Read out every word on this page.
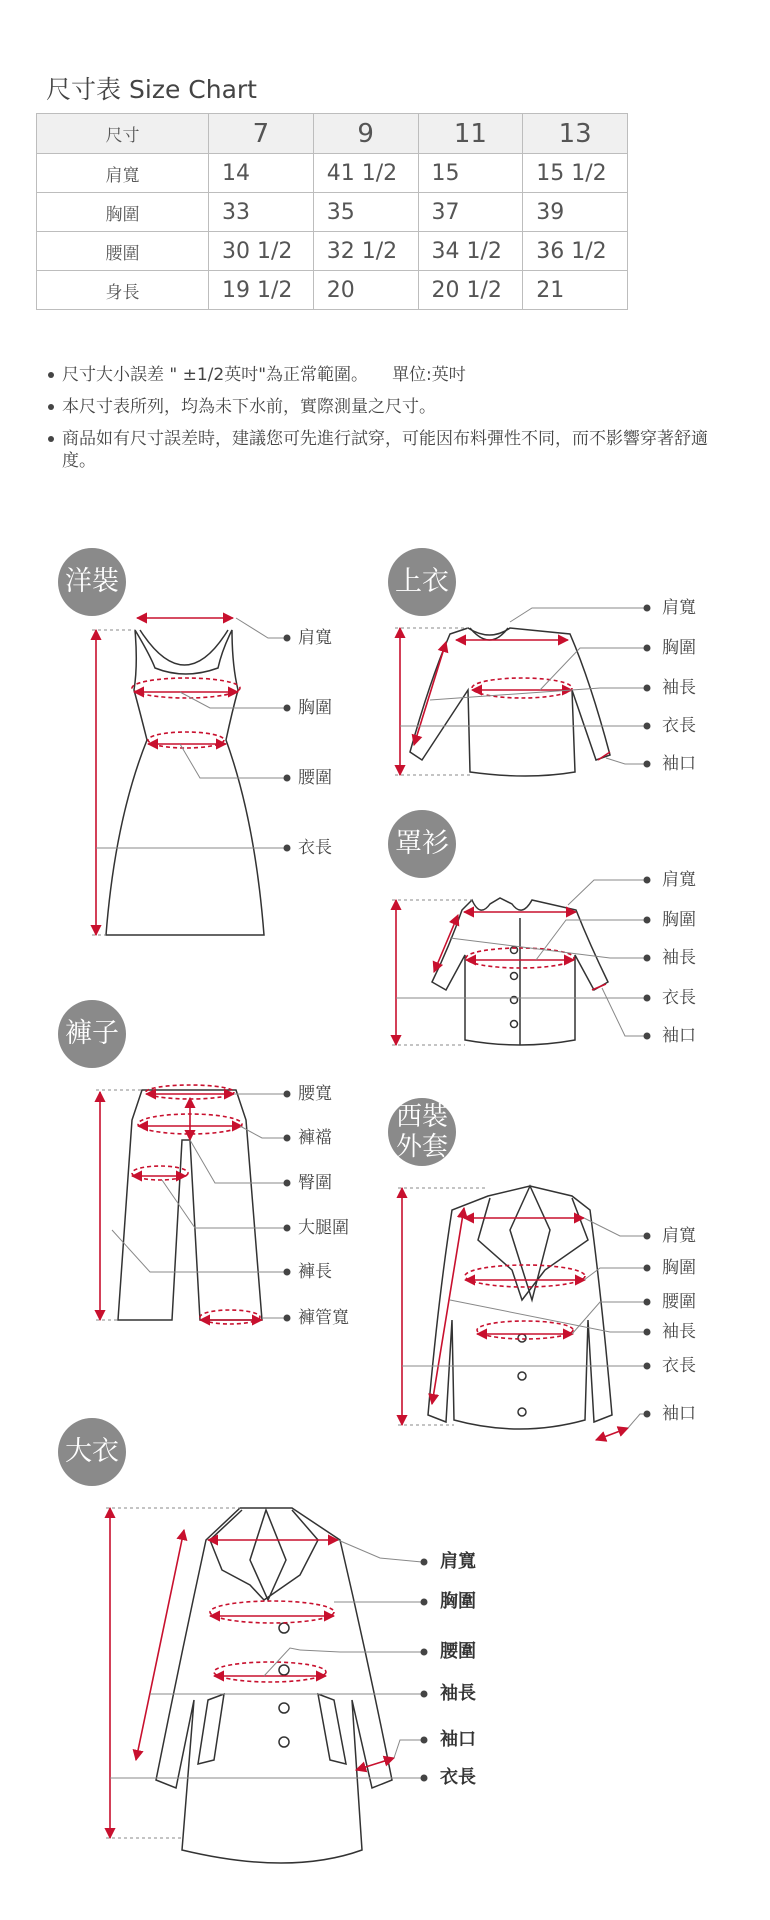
尺寸表 Size Chart
尺寸	7	9	11	13
肩寬	14	41 1/2	15	15 1/2
胸圍	33	35	37	39
腰圍	30 1/2	32 1/2	34 1/2	36 1/2
身長	19 1/2	20	20 1/2	21
尺寸大小誤差 " ±1/2英吋"為正常範圍。 單位:英吋
本尺寸表所列，均為未下水前，實際測量之尺寸。
商品如有尺寸誤差時，建議您可先進行試穿，可能因布料彈性不同，而不影響穿著舒適度。
洋裝	上衣
罩衫
褲子
西裝
外套
大衣
肩寬
胸圍
腰圍
衣長
肩寬
胸圍
袖長
衣長
袖口
肩寬
胸圍
袖長
衣長
袖口
腰寬
褲襠
臀圍
大腿圍
褲長
褲管寬
肩寬
胸圍
腰圍
袖長
衣長
袖口
肩寬
胸圍
腰圍
袖長
袖口
衣長
